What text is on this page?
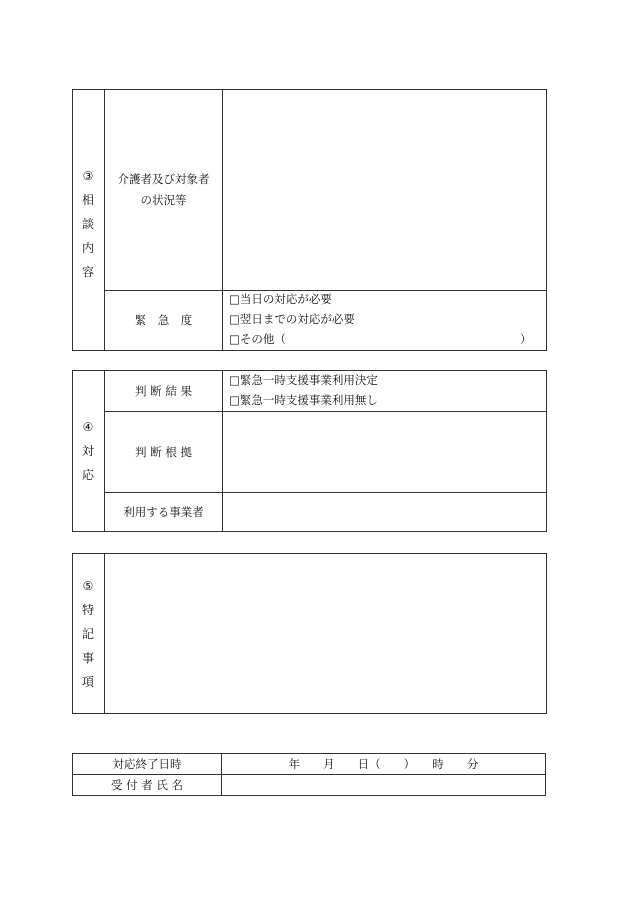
③
相
談
内
容
介護者及び対象者
の状況等
緊　急　度
□当日の対応が必要
□翌日までの対応が必要
□その他（	）
④
対
応
判 断 結 果
□緊急一時支援事業利用決定
□緊急一時支援事業利用無し
判 断 根 拠
利用する事業者
⑤
特
記
事
項
対応終了日時	年　　月　　日（　　）　　時　　分
受 付 者 氏 名
